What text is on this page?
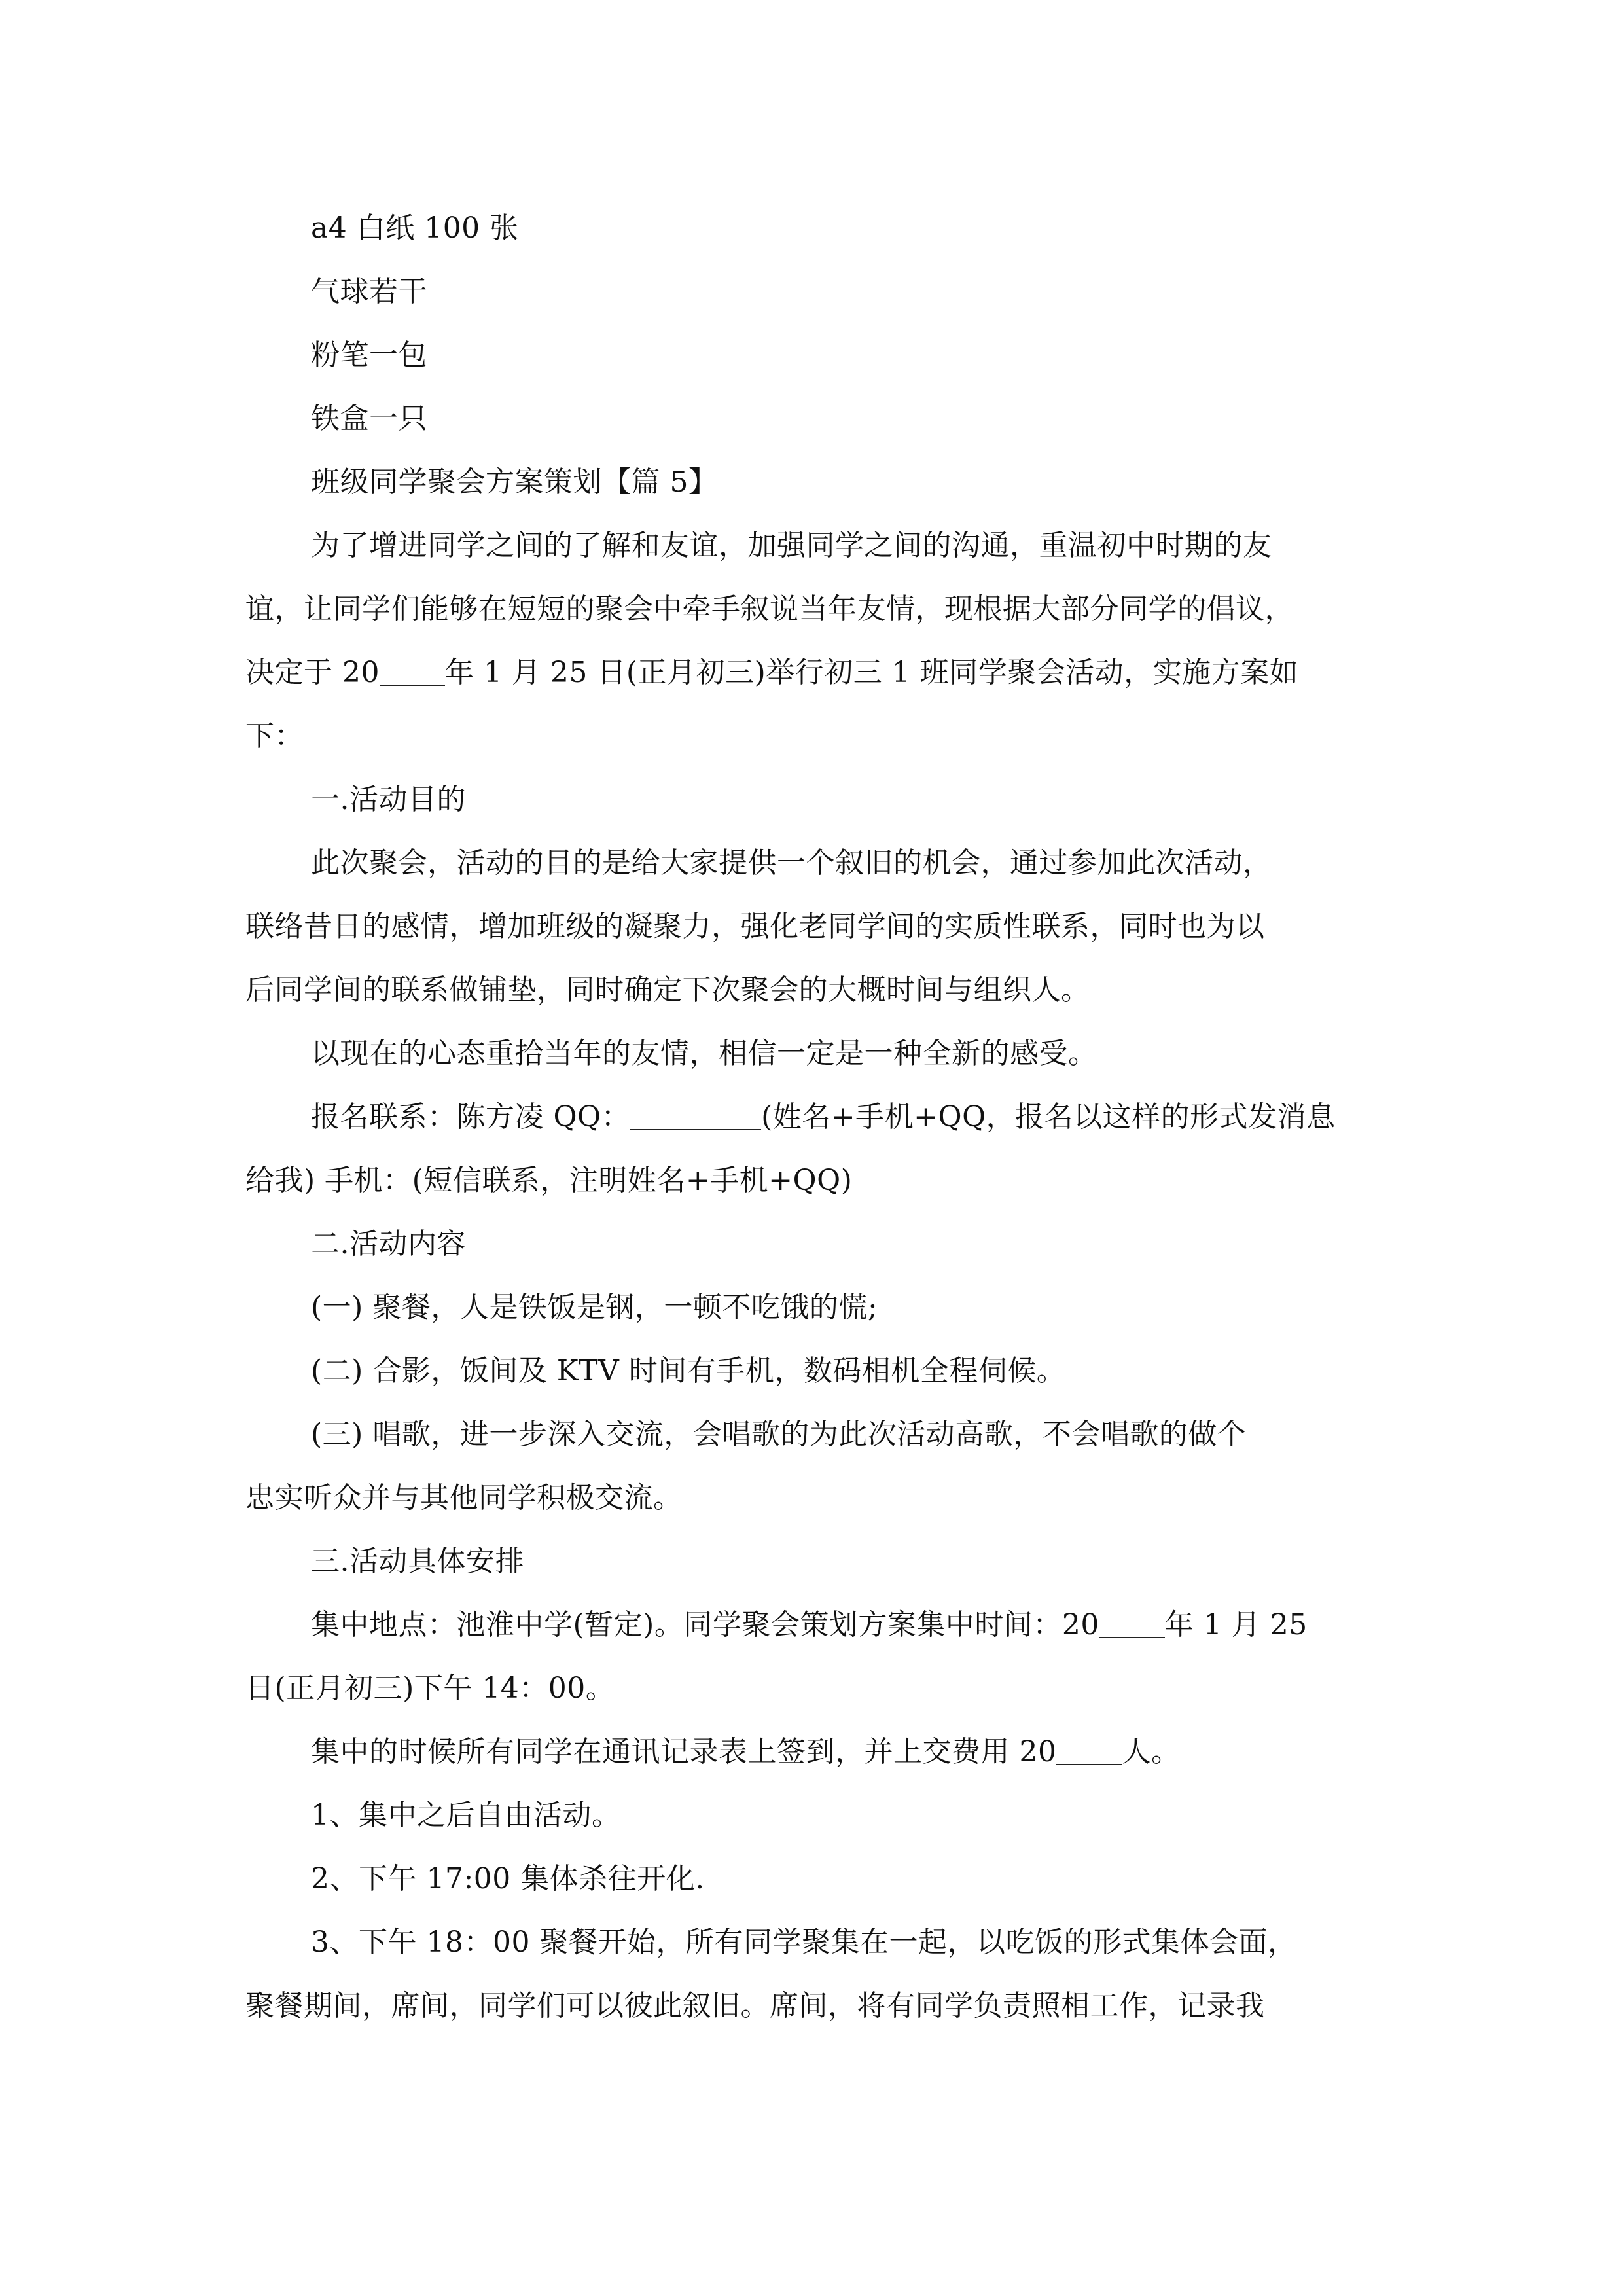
a4 白纸 100 张
气球若干
粉笔一包
铁盒一只
班级同学聚会方案策划【篇 5】
为了增进同学之间的了解和友谊，加强同学之间的沟通，重温初中时期的友
谊，让同学们能够在短短的聚会中牵手叙说当年友情，现根据大部分同学的倡议，
决定于 20 年 1 月 25 日(正月初三)举行初三 1 班同学聚会活动，实施方案如
下：
一.活动目的
此次聚会，活动的目的是给大家提供一个叙旧的机会，通过参加此次活动，
联络昔日的感情，增加班级的凝聚力，强化老同学间的实质性联系，同时也为以
后同学间的联系做铺垫，同时确定下次聚会的大概时间与组织人。
以现在的心态重拾当年的友情，相信一定是一种全新的感受。
报名联系：陈方凌 QQ：	(姓名+手机+QQ，报名以这样的形式发消息
给我) 手机：(短信联系，注明姓名+手机+QQ)
二.活动内容
(一) 聚餐，人是铁饭是钢，一顿不吃饿的慌;
(二) 合影，饭间及 KTV 时间有手机，数码相机全程伺候。
(三) 唱歌，进一步深入交流，会唱歌的为此次活动高歌，不会唱歌的做个
忠实听众并与其他同学积极交流。
三.活动具体安排
集中地点：池淮中学(暂定)。同学聚会策划方案集中时间：20 年 1 月 25
日(正月初三)下午 14：00。
集中的时候所有同学在通讯记录表上签到，并上交费用 20 人。
1、集中之后自由活动。
2、下午 17:00 集体杀往开化.
3、下午 18：00 聚餐开始，所有同学聚集在一起，以吃饭的形式集体会面，
聚餐期间，席间，同学们可以彼此叙旧。席间，将有同学负责照相工作，记录我
